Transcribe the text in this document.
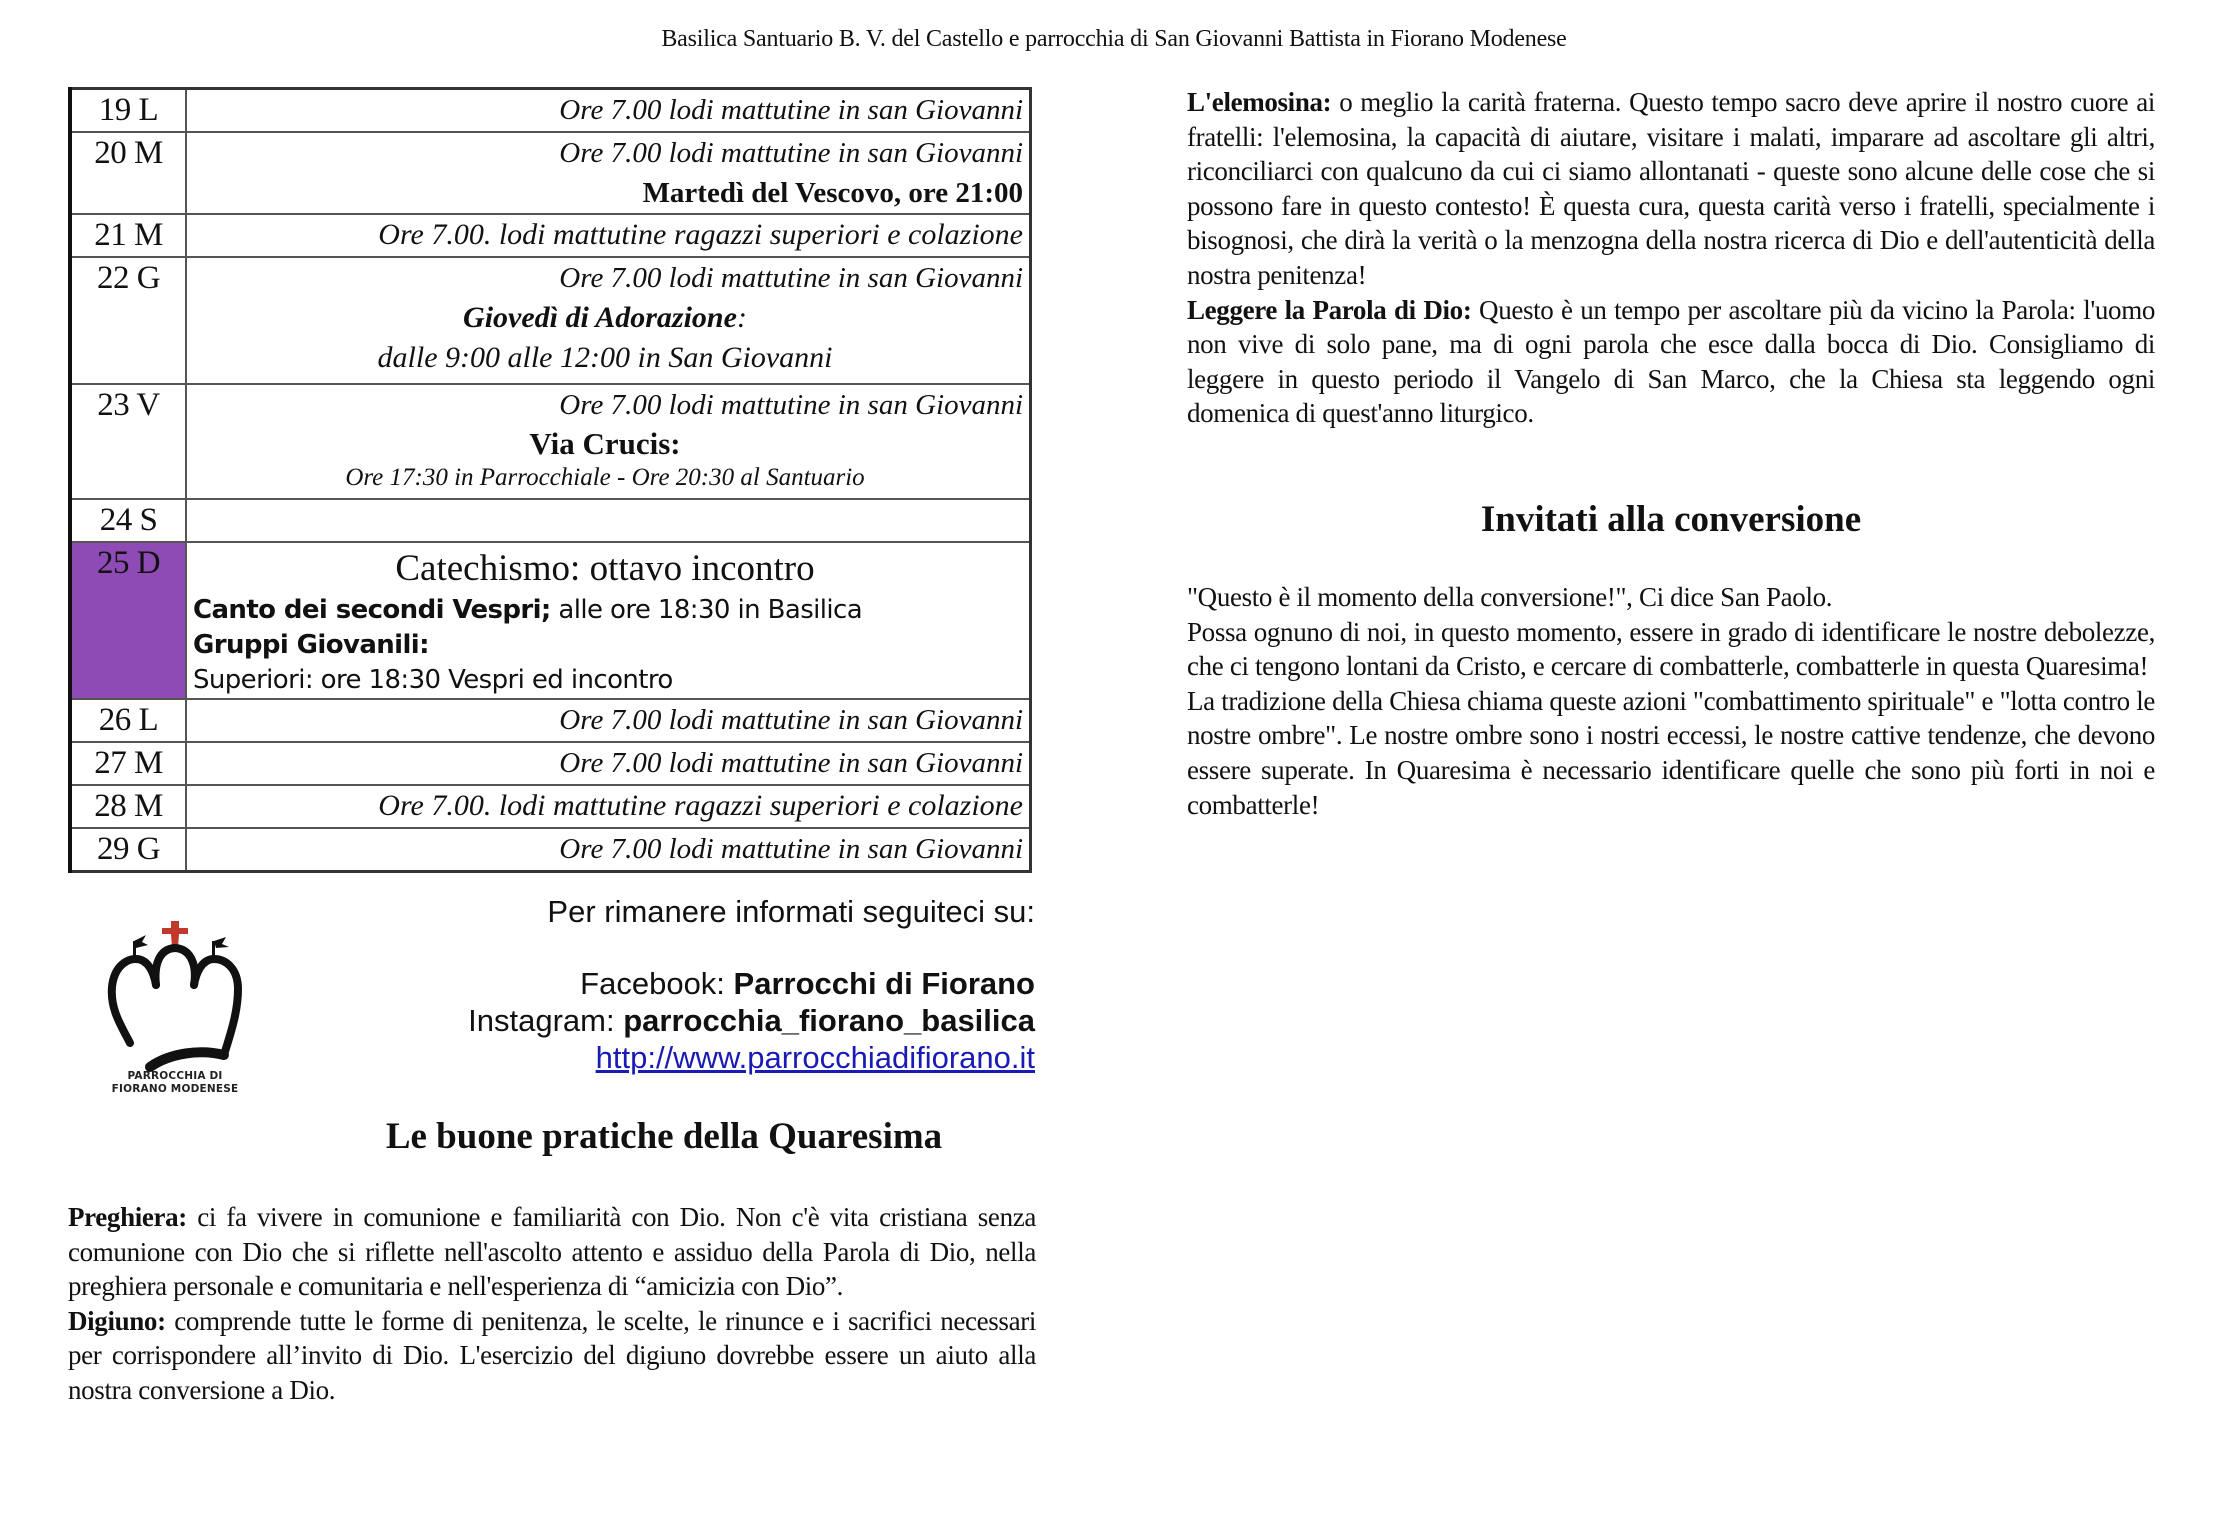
Basilica Santuario B. V. del Castello e parrocchia di San Giovanni Battista in Fiorano Modenese
19 L	Ore 7.00 lodi mattutine in san Giovanni

20 M	Ore 7.00 lodi mattutine in san Giovanni
Martedì del Vescovo, ore 21:00

21 M	Ore 7.00. lodi mattutine ragazzi superiori e colazione

22 G	Ore 7.00 lodi mattutine in san Giovanni
Giovedì di Adorazione:
dalle 9:00 alle 12:00 in San Giovanni

23 V	Ore 7.00 lodi mattutine in san Giovanni
Via Crucis:
Ore 17:30 in Parrocchiale - Ore 20:30 al Santuario

24 S	
25 D	Catechismo: ottavo incontro
Canto dei secondi Vespri; alle ore 18:30 in Basilica
Gruppi Giovanili:
Superiori: ore 18:30 Vespri ed incontro

26 L	Ore 7.00 lodi mattutine in san Giovanni

27 M	Ore 7.00 lodi mattutine in san Giovanni

28 M	Ore 7.00. lodi mattutine ragazzi superiori e colazione

29 G	Ore 7.00 lodi mattutine in san Giovanni
PARROCCHIA DI
FIORANO MODENESE
Per rimanere informati seguiteci su:
Facebook: Parrocchi di Fiorano
Instagram: parrocchia_fiorano_basilica
http://www.parrocchiadifiorano.it
Le buone pratiche della Quaresima

Preghiera: ci fa vivere in comunione e familiarità con Dio. Non c'è vita cristiana senza comunione con Dio che si riflette nell'ascolto attento e assiduo della Parola di Dio, nella preghiera personale e comunitaria e nell'esperienza di “amicizia con Dio”.

Digiuno: comprende tutte le forme di penitenza, le scelte, le rinunce e i sacrifici necessari per corrispondere all’invito di Dio. L'esercizio del digiuno dovrebbe essere un aiuto alla nostra conversione a Dio.

L'elemosina: o meglio la carità fraterna. Questo tempo sacro deve aprire il nostro cuore ai fratelli: l'elemosina, la capacità di aiutare, visitare i malati, imparare ad ascoltare gli altri, riconciliarci con qualcuno da cui ci siamo allontanati - queste sono alcune delle cose che si possono fare in questo contesto! È questa cura, questa carità verso i fratelli, specialmente i bisognosi, che dirà la verità o la menzogna della nostra ricerca di Dio e dell'autenticità della nostra penitenza!

Leggere la Parola di Dio: Questo è un tempo per ascoltare più da vicino la Parola: l'uomo non vive di solo pane, ma di ogni parola che esce dalla bocca di Dio. Consigliamo di leggere in questo periodo il Vangelo di San Marco, che la Chiesa sta leggendo ogni domenica di quest'anno liturgico.

Invitati alla conversione

"Questo è il momento della conversione!", Ci dice San Paolo.

Possa ognuno di noi, in questo momento, essere in grado di identificare le nostre debolezze, che ci tengono lontani da Cristo, e cercare di combatterle, combatterle in questa Quaresima!

La tradizione della Chiesa chiama queste azioni "combattimento spirituale" e "lotta contro le nostre ombre". Le nostre ombre sono i nostri eccessi, le nostre cattive tendenze, che devono essere superate. In Quaresima è necessario identificare quelle che sono più forti in noi e combatterle!
